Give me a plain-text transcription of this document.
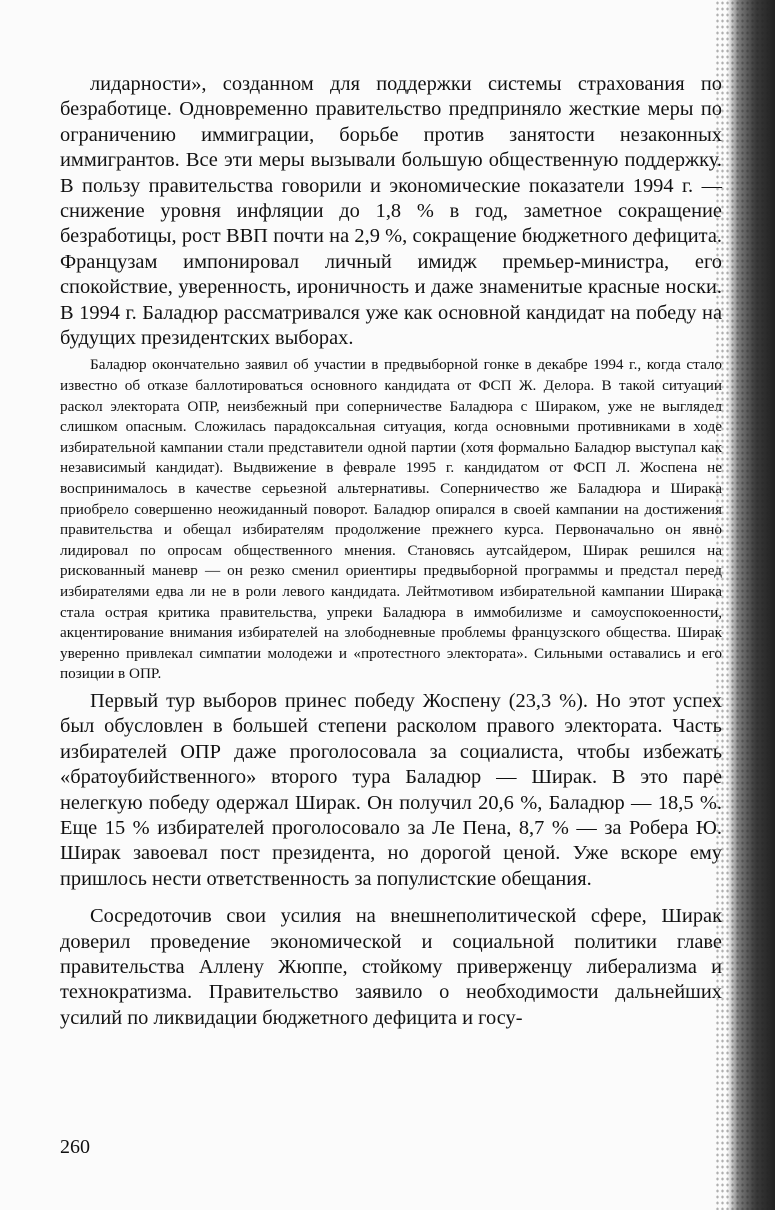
лидарности», созданном для поддержки системы страхования по безработице. Одновременно правительство предприняло жесткие меры по ограничению иммиграции, борьбе против занятости незаконных иммигрантов. Все эти меры вызывали большую общественную поддержку. В пользу правительства говорили и экономические показатели 1994 г. — снижение уровня инфляции до 1,8 % в год, заметное сокращение безработицы, рост ВВП почти на 2,9 %, сокращение бюджетного дефицита. Французам импонировал личный имидж премьер-министра, его спокойствие, уверенность, ироничность и даже знаменитые красные носки. В 1994 г. Баладюр рассматривался уже как основной кандидат на победу на будущих президентских выборах.

Баладюр окончательно заявил об участии в предвыборной гонке в декабре 1994 г., когда стало известно об отказе баллотироваться основного кандидата от ФСП Ж. Делора. В такой ситуации раскол электората ОПР, неизбежный при соперничестве Баладюра с Шираком, уже не выглядел слишком опасным. Сложилась парадоксальная ситуация, когда основными противниками в ходе избирательной кампании стали представители одной партии (хотя формально Баладюр выступал как независимый кандидат). Выдвижение в феврале 1995 г. кандидатом от ФСП Л. Жоспена не воспринималось в качестве серьезной альтернативы. Соперничество же Баладюра и Ширака приобрело совершенно неожиданный поворот. Баладюр опирался в своей кампании на достижения правительства и обещал избирателям продолжение прежнего курса. Первоначально он явно лидировал по опросам общественного мнения. Становясь аутсайдером, Ширак решился на рискованный маневр — он резко сменил ориентиры предвыборной программы и предстал перед избирателями едва ли не в роли левого кандидата. Лейтмотивом избирательной кампании Ширака стала острая критика правительства, упреки Баладюра в иммобилизме и самоуспокоенности, акцентирование внимания избирателей на злободневные проблемы французского общества. Ширак уверенно привлекал симпатии молодежи и «протестного электората». Сильными оставались и его позиции в ОПР.

Первый тур выборов принес победу Жоспену (23,3 %). Но этот успех был обусловлен в большей степени расколом правого электората. Часть избирателей ОПР даже проголосовала за социалиста, чтобы избежать «братоубийственного» второго тура Баладюр — Ширак. В это паре нелегкую победу одержал Ширак. Он получил 20,6 %, Баладюр — 18,5 %. Еще 15 % избирателей проголосовало за Ле Пена, 8,7 % — за Робера Ю. Ширак завоевал пост президента, но дорогой ценой. Уже вскоре ему пришлось нести ответственность за популистские обещания.

Сосредоточив свои усилия на внешнеполитической сфере, Ширак доверил проведение экономической и социальной политики главе правительства Аллену Жюппе, стойкому приверженцу либерализма и технократизма. Правительство заявило о необходимости дальнейших усилий по ликвидации бюджетного дефицита и госу-

260
